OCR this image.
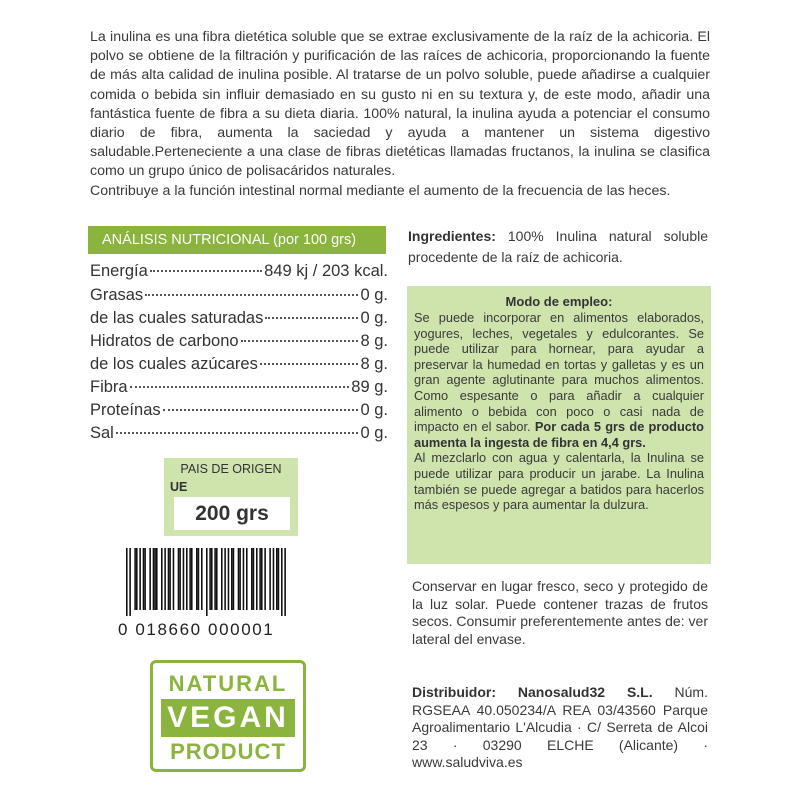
La inulina es una fibra dietética soluble que se extrae exclusivamente de la raíz de la achicoria. El polvo se obtiene de la filtración y purificación de las raíces de achicoria, proporcionando la fuente de más alta calidad de inulina posible. Al tratarse de un polvo soluble, puede añadirse a cualquier comida o bebida sin influir demasiado en su gusto ni en su textura y, de este modo, añadir una fantástica fuente de fibra a su dieta diaria. 100% natural, la inulina ayuda a potenciar el consumo diario de fibra, aumenta la saciedad y ayuda a mantener un sistema digestivo saludable.Perteneciente a una clase de fibras dietéticas llamadas fructanos, la inulina se clasifica como un grupo único de polisacáridos naturales.

Contribuye a la función intestinal normal mediante el aumento de la frecuencia de las heces.

ANÁLISIS NUTRICIONAL (por 100 grs)
Energía	849 kj / 203 kcal.
Grasas	0 g.
de las cuales saturadas	0 g.
Hidratos de carbono	8 g.
de los cuales azúcares	8 g.
Fibra	89 g.
Proteínas	0 g.
Sal	0 g.
PAIS DE ORIGEN
UE
200 grs
0 018660 000001
NATURAL
VEGAN
PRODUCT
Ingredientes: 100% Inulina natural soluble procedente de la raíz de achicoria.
Modo de empleo:

Se puede incorporar en alimentos elaborados, yogures, leches, vegetales y edulcorantes. Se puede utilizar para hornear, para ayudar a preservar la humedad en tortas y galletas y es un gran agente aglutinante para muchos alimentos. Como espesante o para añadir a cualquier alimento o bebida con poco o casi nada de impacto en el sabor. Por cada 5 grs de producto aumenta la ingesta de fibra en 4,4 grs.

Al mezclarlo con agua y calentarla, la Inulina se puede utilizar para producir un jarabe. La Inulina también se puede agregar a batidos para hacerlos más espesos y para aumentar la dulzura.

Conservar en lugar fresco, seco y protegido de la luz solar. Puede contener trazas de frutos secos. Consumir preferentemente antes de: ver lateral del envase.
Distribuidor: Nanosalud32 S.L. Núm. RGSEAA 40.050234/A REA 03/43560 Parque Agroalimentario L'Alcudia · C/ Serreta de Alcoi 23 · 03290 ELCHE (Alicante) · www.saludviva.es
